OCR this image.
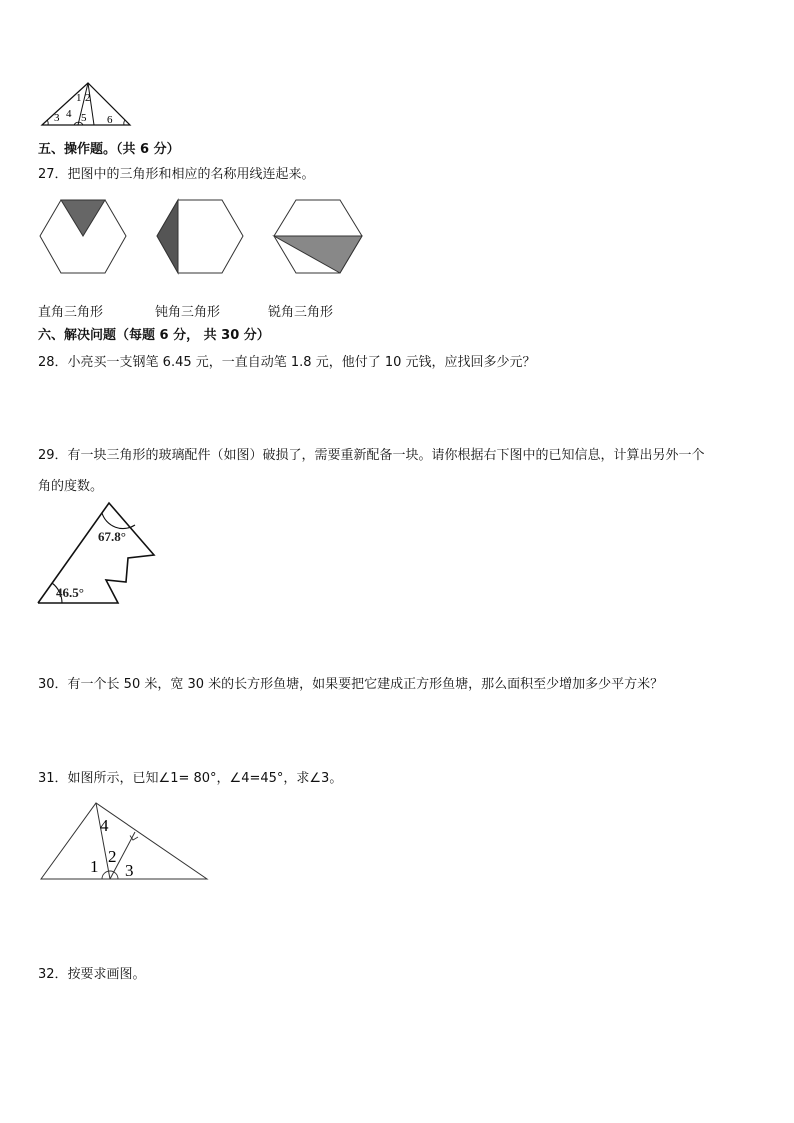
1 2
3 4 5 6
五、操作题。（共 6 分）
27．把图中的三角形和相应的名称用线连起来。
直角三角形	钝角三角形	锐角三角形
六、解决问题（每题 6 分， 共 30 分）
28．小亮买一支钢笔 6.45 元，一直自动笔 1.8 元，他付了 10 元钱，应找回多少元？
29．有一块三角形的玻璃配件（如图）破损了，需要重新配备一块。请你根据右下图中的已知信息，计算出另外一个
角的度数。
67.8°
46.5°
30．有一个长 50 米，宽 30 米的长方形鱼塘，如果要把它建成正方形鱼塘，那么面积至少增加多少平方米？
31．如图所示，已知∠1= 80°，∠4=45°，求∠3。
1
2
3
4
32．按要求画图。
